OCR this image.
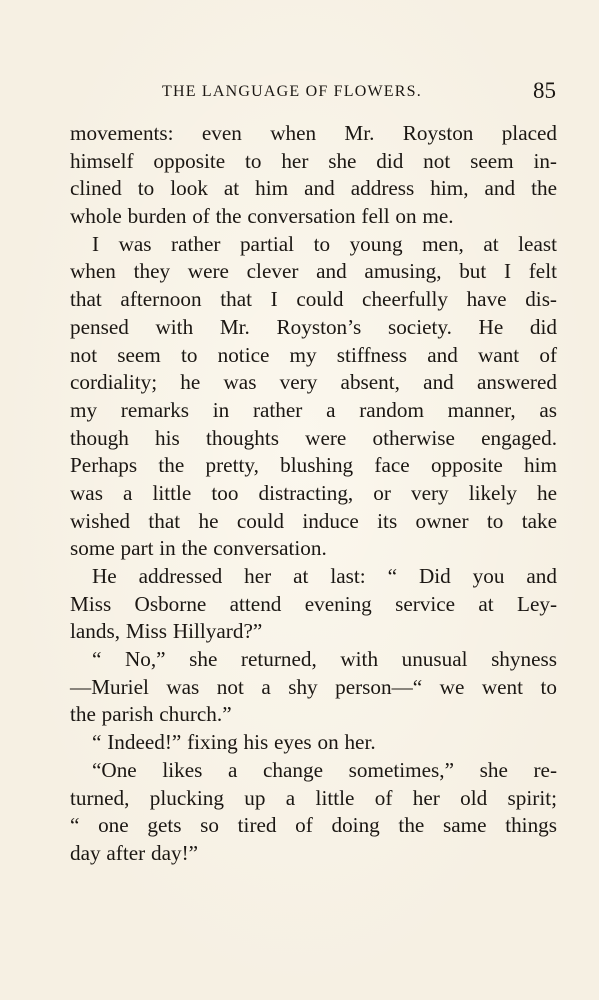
THE LANGUAGE OF FLOWERS.	85
movements: even when Mr. Royston placed
himself opposite to her she did not seem in-
clined to look at him and address him, and the
whole burden of the conversation fell on me.
I was rather partial to young men, at least
when they were clever and amusing, but I felt
that afternoon that I could cheerfully have dis-
pensed with Mr. Royston’s society. He did
not seem to notice my stiffness and want of
cordiality; he was very absent, and answered
my remarks in rather a random manner, as
though his thoughts were otherwise engaged.
Perhaps the pretty, blushing face opposite him
was a little too distracting, or very likely he
wished that he could induce its owner to take
some part in the conversation.
He addressed her at last: “ Did you and
Miss Osborne attend evening service at Ley-
lands, Miss Hillyard?”
“ No,” she returned, with unusual shyness
—Muriel was not a shy person—“ we went to
the parish church.”
“ Indeed!” fixing his eyes on her.
“One likes a change sometimes,” she re-
turned, plucking up a little of her old spirit;
“ one gets so tired of doing the same things
day after day!”
